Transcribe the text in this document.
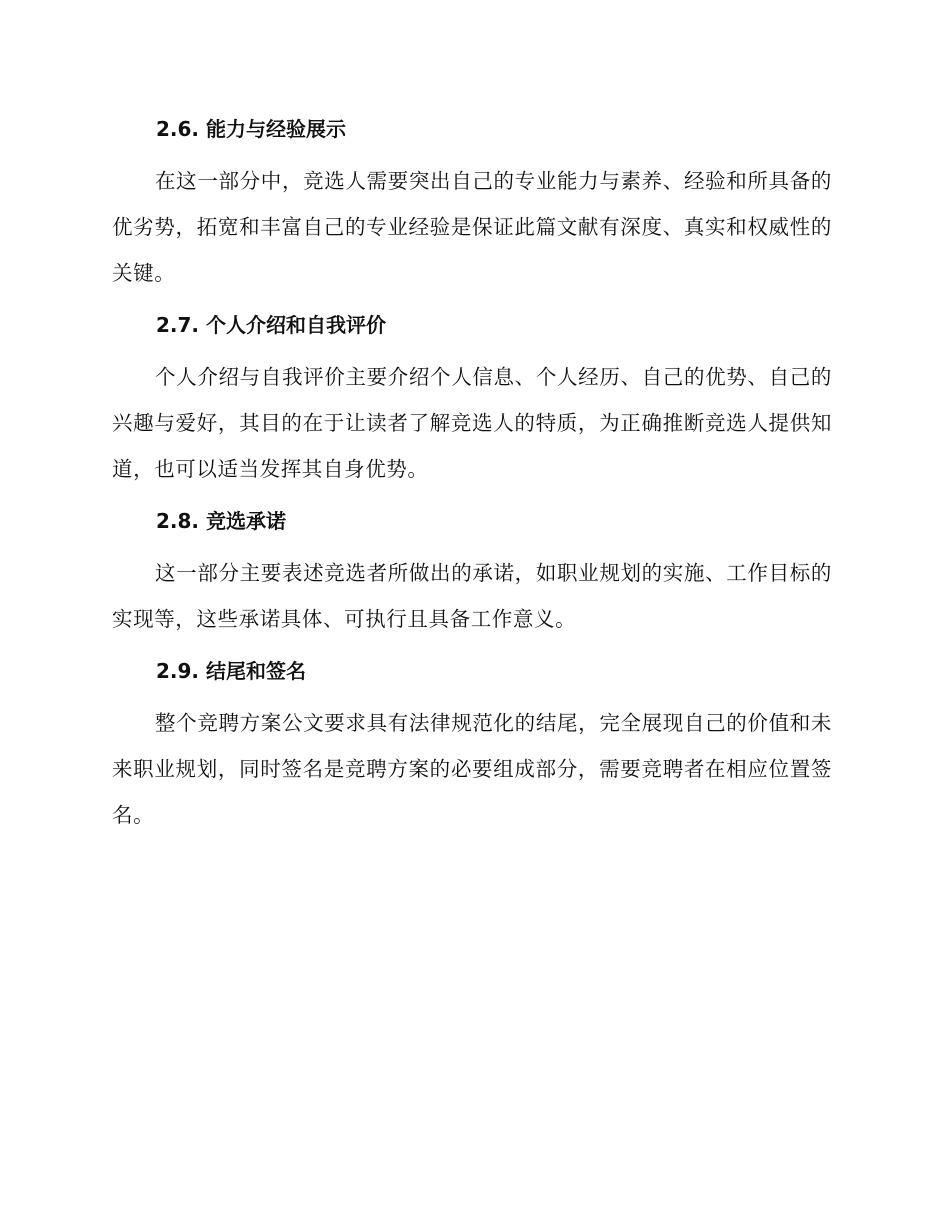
2.6. 能力与经验展示

在这一部分中，竞选人需要突出自己的专业能力与素养、经验和所具备的优劣势，拓宽和丰富自己的专业经验是保证此篇文献有深度、真实和权威性的关键。

2.7. 个人介绍和自我评价

个人介绍与自我评价主要介绍个人信息、个人经历、自己的优势、自己的兴趣与爱好，其目的在于让读者了解竞选人的特质，为正确推断竞选人提供知道，也可以适当发挥其自身优势。

2.8. 竞选承诺

这一部分主要表述竞选者所做出的承诺，如职业规划的实施、工作目标的实现等，这些承诺具体、可执行且具备工作意义。

2.9. 结尾和签名

整个竞聘方案公文要求具有法律规范化的结尾，完全展现自己的价值和未来职业规划，同时签名是竞聘方案的必要组成部分，需要竞聘者在相应位置签名。
